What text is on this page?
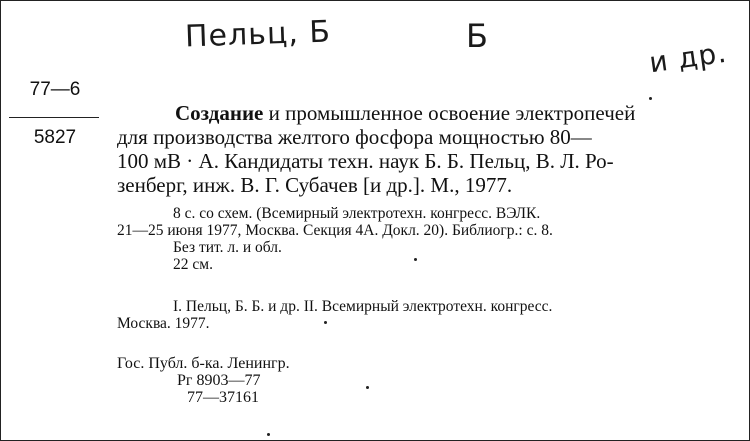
Пельц, Б	Б	и др.
77—6
5827
Создание и промышленное освоение электропечей
для производства желтого фосфора мощностью 80—
100 мВ · А. Кандидаты техн. наук Б. Б. Пельц, В. Л. Ро-
зенберг, инж. В. Г. Субачев [и др.]. М., 1977.
8 с. со схем. (Всемирный электротехн. конгресс. ВЭЛК.
21—25 июня 1977, Москва. Секция 4А. Докл. 20). Библиогр.: с. 8.
Без тит. л. и обл.
22 см.
I. Пельц, Б. Б. и др. II. Всемирный электротехн. конгресс.
Москва. 1977.
Гос. Публ. б-ка. Ленингр.
Рг 8903—77
77—37161
